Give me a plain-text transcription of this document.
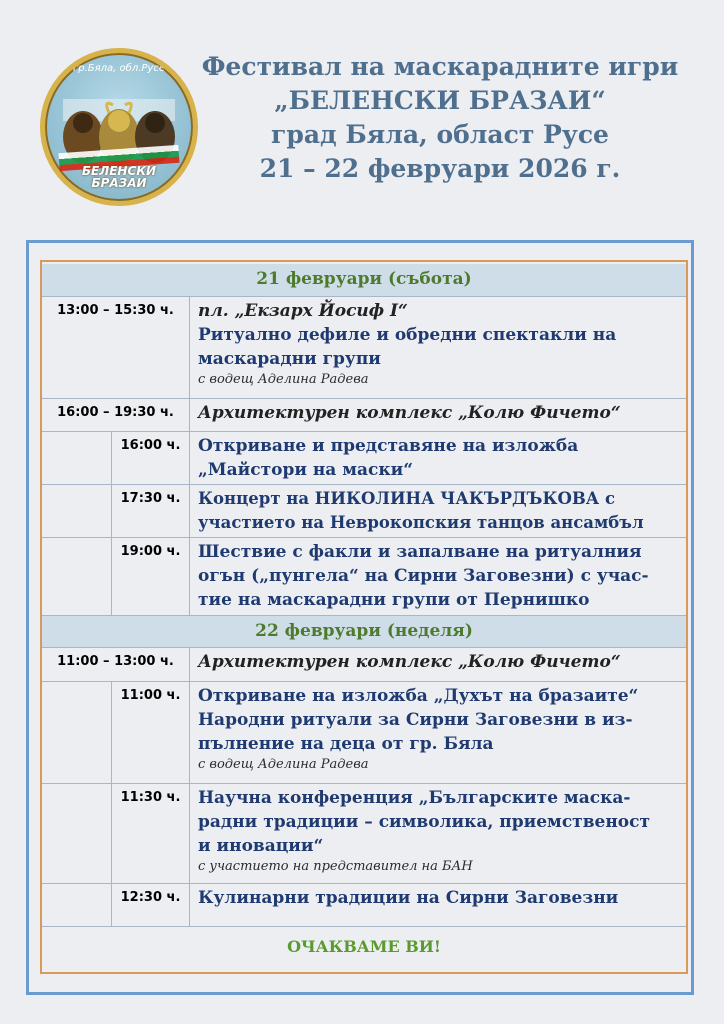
гр.Бяла, обл.Русе
БЕЛЕНСКИ
БРАЗАИ
Фестивал на маскарадните игри
„БЕЛЕНСКИ БРАЗАИ“
град Бяла, област Русе
21 – 22 февруари 2026 г.
21 февруари (събота)
13:00 – 15:30 ч.	пл. „Екзарх Йосиф I“
Ритуално дефиле и обредни спектакли на
маскарадни групи
с водещ Аделина Радева
16:00 – 19:30 ч.	Архитектурен комплекс „Колю Фичето“
16:00 ч.	Откриване и представяне на изложба
„Майстори на маски“
17:30 ч.	Концерт на НИКОЛИНА ЧАКЪРДЪКОВА с
участието на Неврокопския танцов ансамбъл
19:00 ч.	Шествие с факли и запалване на ритуалния
огън („пунгела“ на Сирни Заговезни) с учас-
тие на маскарадни групи от Пернишко
22 февруари (неделя)
11:00 – 13:00 ч.	Архитектурен комплекс „Колю Фичето“
11:00 ч.	Откриване на изложба „Духът на бразаите“
Народни ритуали за Сирни Заговезни в из-
пълнение на деца от гр. Бяла
с водещ Аделина Радева
11:30 ч.	Научна конференция „Българските маска-
радни традиции – символика, приемственост
и иновации“
с участието на представител на БАН
12:30 ч.	Кулинарни традиции на Сирни Заговезни
ОЧАКВАМЕ ВИ!
